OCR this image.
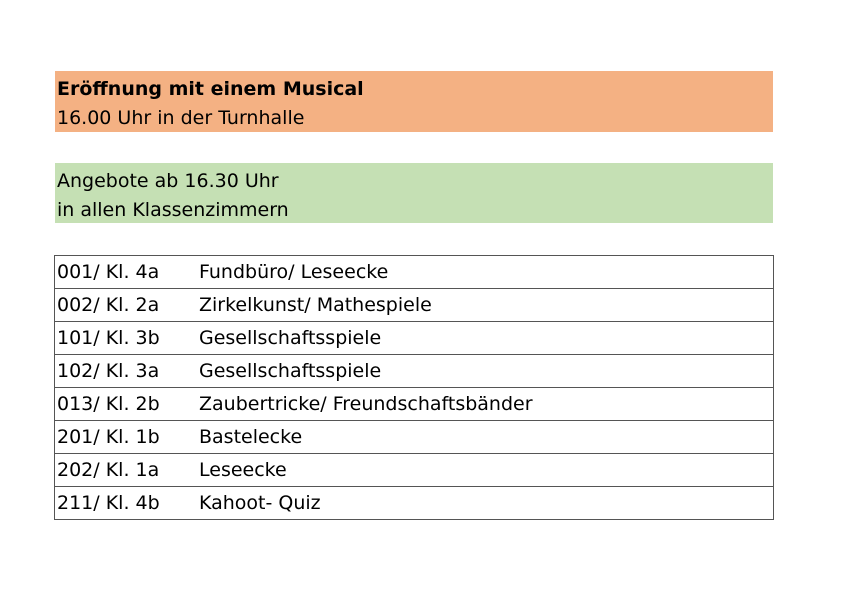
Eröffnung mit einem Musical
16.00 Uhr in der Turnhalle
Angebote ab 16.30 Uhr
in allen Klassenzimmern
001/ Kl. 4a	Fundbüro/ Leseecke
002/ Kl. 2a	Zirkelkunst/ Mathespiele
101/ Kl. 3b	Gesellschaftsspiele
102/ Kl. 3a	Gesellschaftsspiele
013/ Kl. 2b	Zaubertricke/ Freundschaftsbänder
201/ Kl. 1b	Bastelecke
202/ Kl. 1a	Leseecke
211/ Kl. 4b	Kahoot- Quiz
